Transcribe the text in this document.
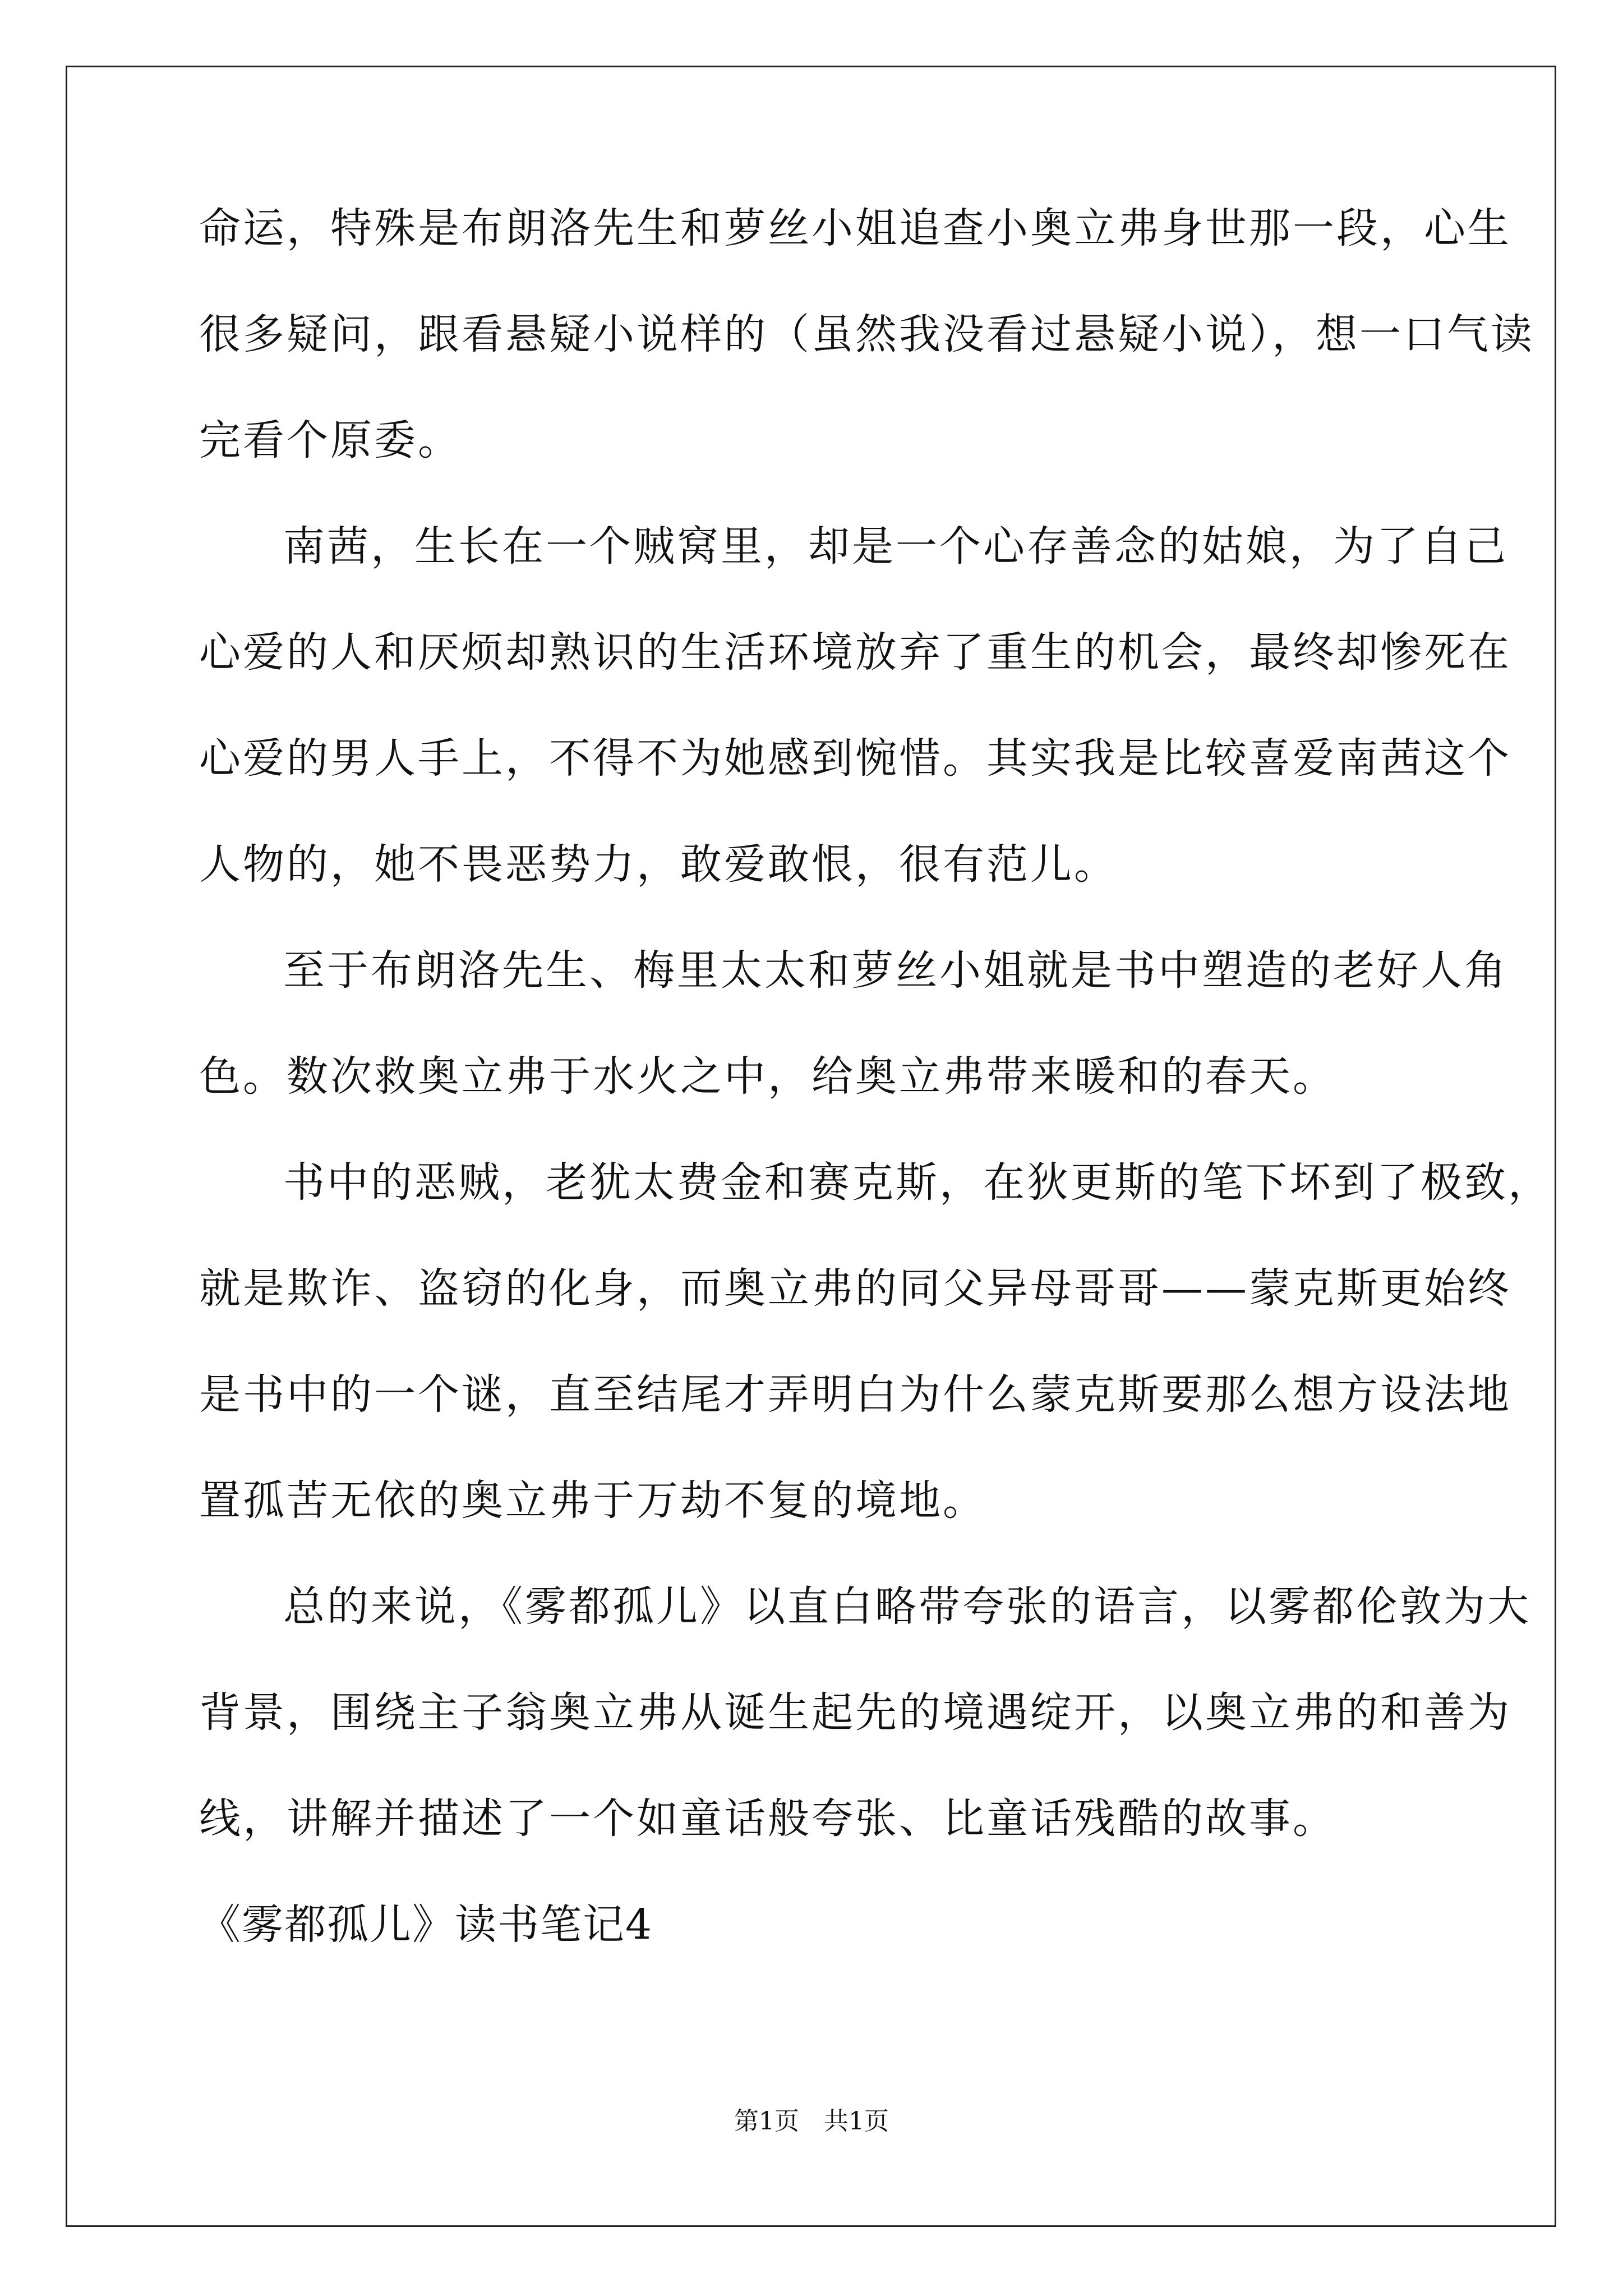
命运，特殊是布朗洛先生和萝丝小姐追查小奥立弗身世那一段，心生
很多疑问，跟看悬疑小说样的（虽然我没看过悬疑小说），想一口气读
完看个原委。
南茜，生长在一个贼窝里，却是一个心存善念的姑娘，为了自己
心爱的人和厌烦却熟识的生活环境放弃了重生的机会，最终却惨死在
心爱的男人手上，不得不为她感到惋惜。其实我是比较喜爱南茜这个
人物的，她不畏恶势力，敢爱敢恨，很有范儿。
至于布朗洛先生、梅里太太和萝丝小姐就是书中塑造的老好人角
色。数次救奥立弗于水火之中，给奥立弗带来暖和的春天。
书中的恶贼，老犹太费金和赛克斯，在狄更斯的笔下坏到了极致，
就是欺诈、盗窃的化身，而奥立弗的同父异母哥哥——蒙克斯更始终
是书中的一个谜，直至结尾才弄明白为什么蒙克斯要那么想方设法地
置孤苦无依的奥立弗于万劫不复的境地。
总的来说，《雾都孤儿》以直白略带夸张的语言，以雾都伦敦为大
背景，围绕主子翁奥立弗从诞生起先的境遇绽开，以奥立弗的和善为
线，讲解并描述了一个如童话般夸张、比童话残酷的故事。
《雾都孤儿》读书笔记4
第1页　共1页
